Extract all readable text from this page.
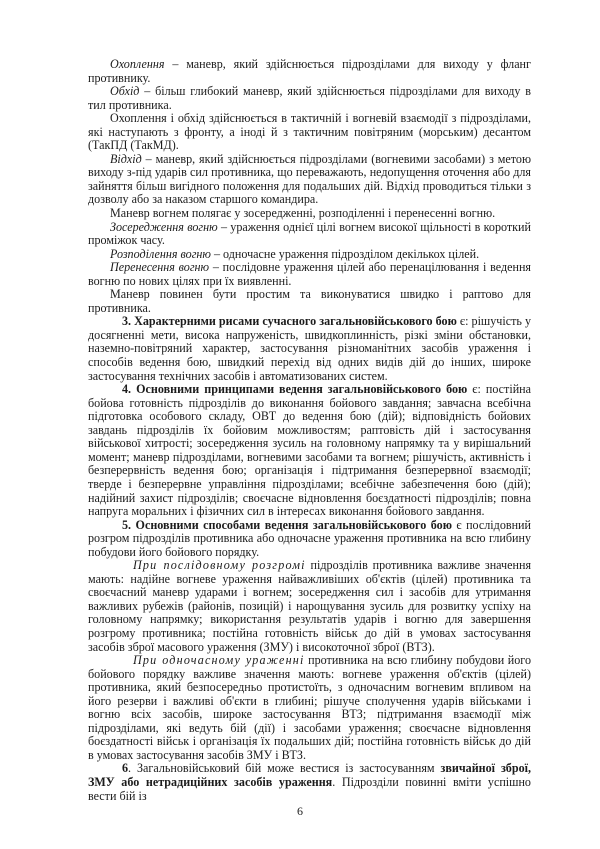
Охоплення – маневр, який здійснюється підрозділами для виходу у фланг противнику.

Обхід – більш глибокий маневр, який здійснюється підрозділами для виходу в тил противника.

Охоплення і обхід здійснюється в тактичній і вогневій взаємодії з підрозділами, які наступають з фронту, а іноді й з тактичним повітряним (морським) десантом (ТакПД (ТакМД).

Відхід – маневр, який здійснюється підрозділами (вогневими засобами) з метою виходу з-під ударів сил противника, що переважають, недопущення оточення або для зайняття більш вигідного положення для подальших дій. Відхід проводиться тільки з дозволу або за наказом старшого командира.

Маневр вогнем полягає у зосередженні, розподіленні і перенесенні вогню.

Зосередження вогню – ураження однієї цілі вогнем високої щільності в короткий проміжок часу.

Розподілення вогню – одночасне ураження підрозділом декількох цілей.

Перенесення вогню – послідовне ураження цілей або перенацілювання і ведення вогню по нових цілях при їх виявленні.

Маневр повинен бути простим та виконуватися швидко і раптово для противника.

3. Характерними рисами сучасного загальновійськового бою є: рішучість у досягненні мети, висока напруженість, швидкоплинність, різкі зміни обстановки, наземно-повітряний характер, застосування різноманітних засобів ураження і способів ведення бою, швидкий перехід від одних видів дій до інших, широке застосування технічних засобів і автоматизованих систем.

4. Основними принципами ведення загальновійськового бою є: постійна бойова готовність підрозділів до виконання бойового завдання; завчасна всебічна підготовка особового складу, ОВТ до ведення бою (дій); відповідність бойових завдань підрозділів їх бойовим можливостям; раптовість дій і застосування військової хитрості; зосередження зусиль на головному напрямку та у вирішальний момент; маневр підрозділами, вогневими засобами та вогнем; рішучість, активність і безперервність ведення бою; організація і підтримання безперервної взаємодії; тверде і безперервне управління підрозділами; всебічне забезпечення бою (дій); надійний захист підрозділів; своєчасне відновлення боєздатності підрозділів; повна напруга моральних і фізичних сил в інтересах виконання бойового завдання.

5. Основними способами ведення загальновійськового бою є послідовний розгром підрозділів противника або одночасне ураження противника на всю глибину побудови його бойового порядку.

При послідовному розгромі підрозділів противника важливе значення мають: надійне вогневе ураження найважливіших об'єктів (цілей) противника та своєчасний маневр ударами і вогнем; зосередження сил і засобів для утримання важливих рубежів (районів, позицій) і нарощування зусиль для розвитку успіху на головному напрямку; використання результатів ударів і вогню для завершення розгрому противника; постійна готовність військ до дій в умовах застосування засобів зброї масового ураження (ЗМУ) і високоточної зброї (ВТЗ).

При одночасному ураженні противника на всю глибину побудови його бойового порядку важливе значення мають: вогневе ураження об'єктів (цілей) противника, який безпосередньо протистоїть, з одночасним вогневим впливом на його резерви і важливі об'єкти в глибині; рішуче сполучення ударів військами і вогню всіх засобів, широке застосування ВТЗ; підтримання взаємодії між підрозділами, які ведуть бій (дії) і засобами ураження; своєчасне відновлення боєздатності військ і організація їх подальших дій; постійна готовність військ до дій в умовах застосування засобів ЗМУ і ВТЗ.

6. Загальновійськовий бій може вестися із застосуванням звичайної зброї, ЗМУ або нетрадиційних засобів ураження. Підрозділи повинні вміти успішно вести бій із

6
